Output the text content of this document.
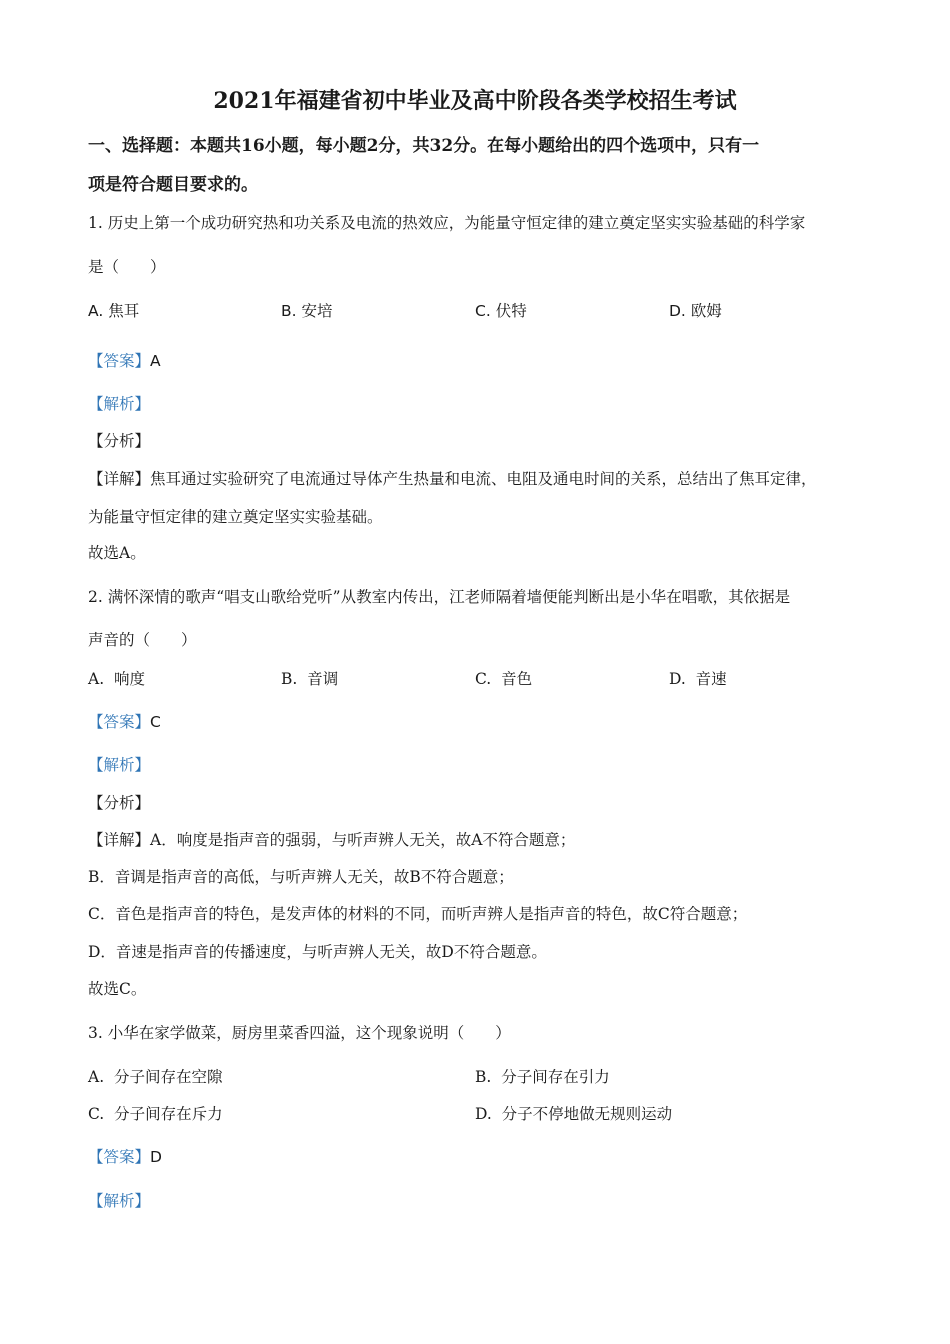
2021年福建省初中毕业及高中阶段各类学校招生考试
一、选择题：本题共16小题，每小题2分，共32分。在每小题给出的四个选项中，只有一
项是符合题目要求的。
1. 历史上第一个成功研究热和功关系及电流的热效应，为能量守恒定律的建立奠定坚实实验基础的科学家
是（　　）
A. 焦耳	B. 安培	C. 伏特	D. 欧姆
【答案】A
【解析】
【分析】
【详解】焦耳通过实验研究了电流通过导体产生热量和电流、电阻及通电时间的关系，总结出了焦耳定律，
为能量守恒定律的建立奠定坚实实验基础。
故选A。
2. 满怀深情的歌声“唱支山歌给党听”从教室内传出，江老师隔着墙便能判断出是小华在唱歌，其依据是
声音的（　　）
A. 响度	B. 音调	C. 音色	D. 音速
【答案】C
【解析】
【分析】
【详解】A．响度是指声音的强弱，与听声辨人无关，故A不符合题意；
B．音调是指声音的高低，与听声辨人无关，故B不符合题意；
C．音色是指声音的特色，是发声体的材料的不同，而听声辨人是指声音的特色，故C符合题意；
D．音速是指声音的传播速度，与听声辨人无关，故D不符合题意。
故选C。
3. 小华在家学做菜，厨房里菜香四溢，这个现象说明（　　）
A. 分子间存在空隙	B. 分子间存在引力
C. 分子间存在斥力	D. 分子不停地做无规则运动
【答案】D
【解析】
